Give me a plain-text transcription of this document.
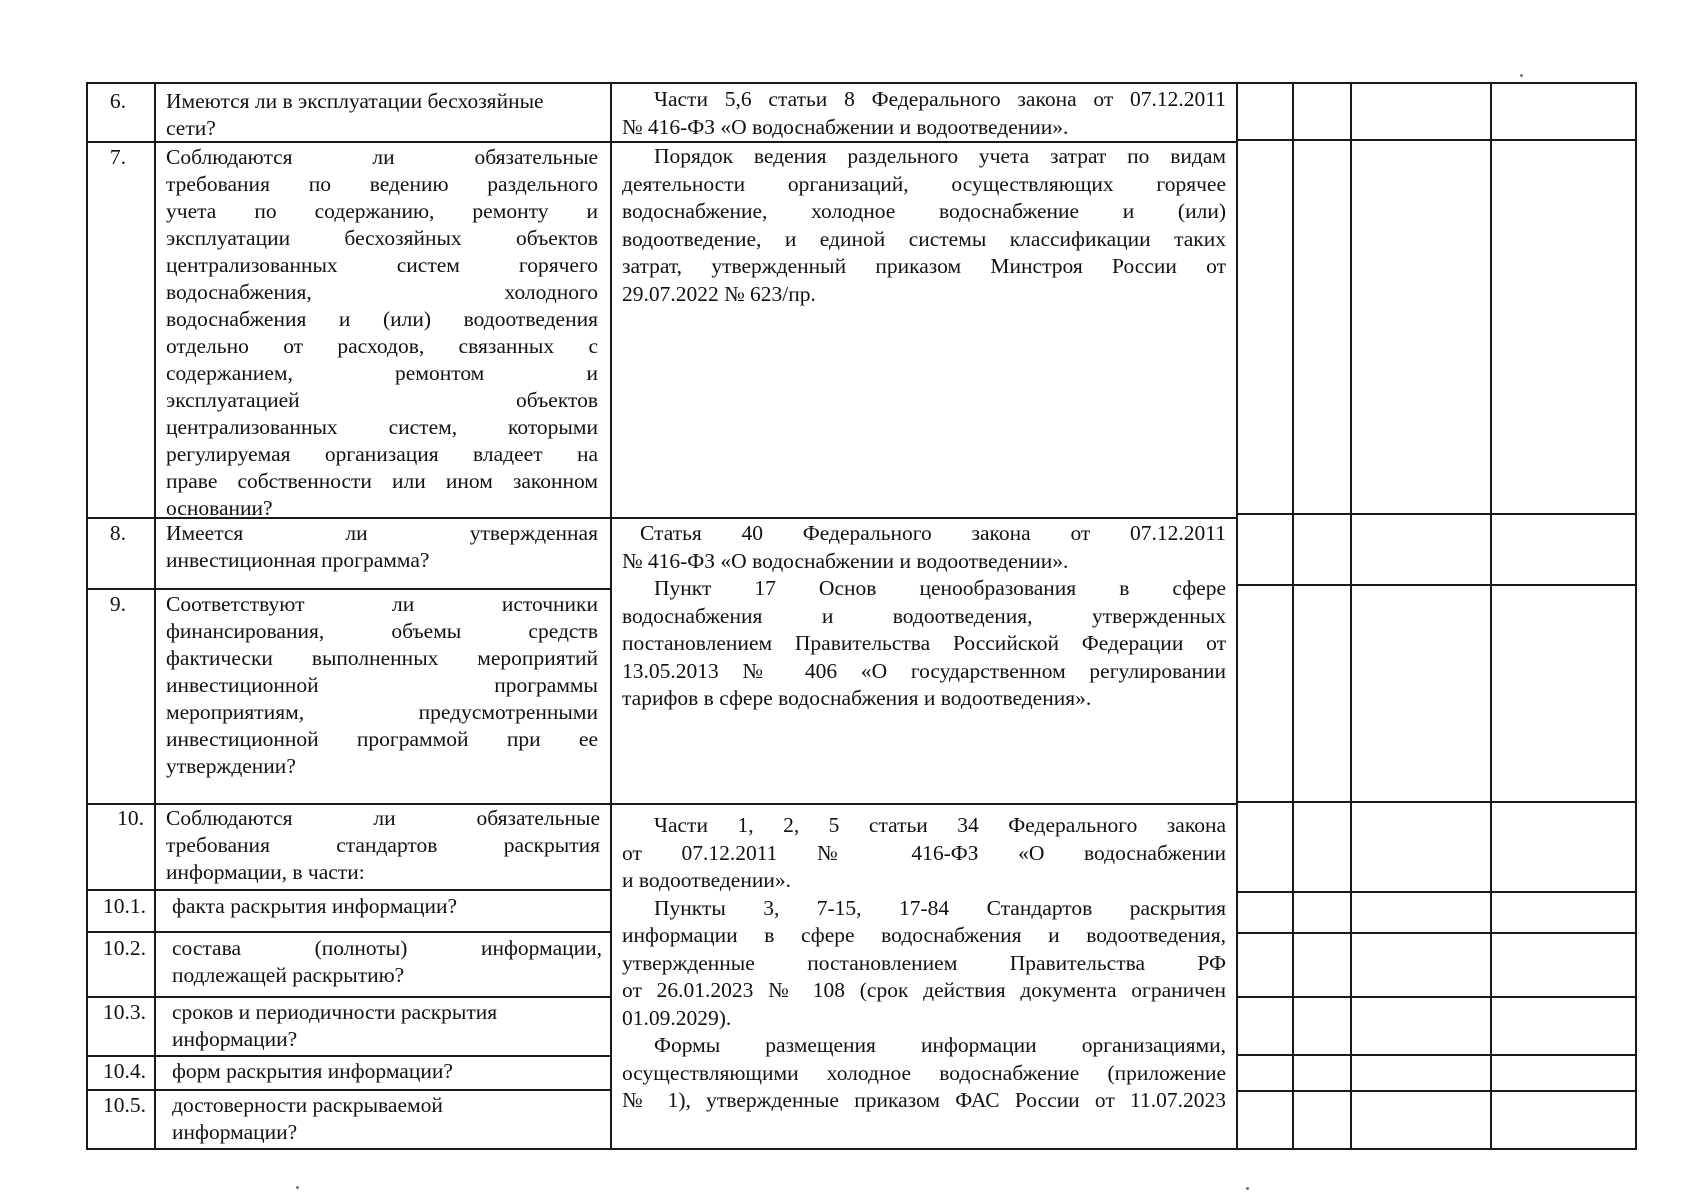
6.
7.
8.
9.
10.
10.1.
10.2.
10.3.
10.4.
10.5.
Имеются ли в эксплуатации бесхозяйные
сети?
Соблюдаются ли обязательные
требования по ведению раздельного
учета по содержанию, ремонту и
эксплуатации бесхозяйных объектов
централизованных систем горячего
водоснабжения, холодного
водоснабжения и (или) водоотведения
отдельно от расходов, связанных с
содержанием, ремонтом и
эксплуатацией объектов
централизованных систем, которыми
регулируемая организация владеет на
праве собственности или ином законном
основании?
Имеется ли утвержденная
инвестиционная программа?
Соответствуют ли источники
финансирования, объемы средств
фактически выполненных мероприятий
инвестиционной программы
мероприятиям, предусмотренными
инвестиционной программой при ее
утверждении?
Соблюдаются ли обязательные
требования стандартов раскрытия
информации, в части:
факта раскрытия информации?
состава (полноты) информации,
подлежащей раскрытию?
сроков и периодичности раскрытия
информации?
форм раскрытия информации?
достоверности раскрываемой
информации?
Части 5,6 статьи 8 Федерального закона от 07.12.2011
№ 416-ФЗ «О водоснабжении и водоотведении».
Порядок ведения раздельного учета затрат по видам
деятельности организаций, осуществляющих горячее
водоснабжение, холодное водоснабжение и (или)
водоотведение, и единой системы классификации таких
затрат, утвержденный приказом Минстроя России от
29.07.2022 № 623/пр.
Статья 40 Федерального закона от 07.12.2011
№ 416-ФЗ «О водоснабжении и водоотведении».
Пункт 17 Основ ценообразования в сфере
водоснабжения и водоотведения, утвержденных
постановлением Правительства Российской Федерации от
13.05.2013 № 406 «О государственном регулировании
тарифов в сфере водоснабжения и водоотведения».
Части 1, 2, 5 статьи 34 Федерального закона
от 07.12.2011 № 416-ФЗ «О водоснабжении
и водоотведении».
Пункты 3, 7-15, 17-84 Стандартов раскрытия
информации в сфере водоснабжения и водоотведения,
утвержденные постановлением Правительства РФ
от 26.01.2023 № 108 (срок действия документа ограничен
01.09.2029).
Формы размещения информации организациями,
осуществляющими холодное водоснабжение (приложение
№ 1), утвержденные приказом ФАС России от 11.07.2023
